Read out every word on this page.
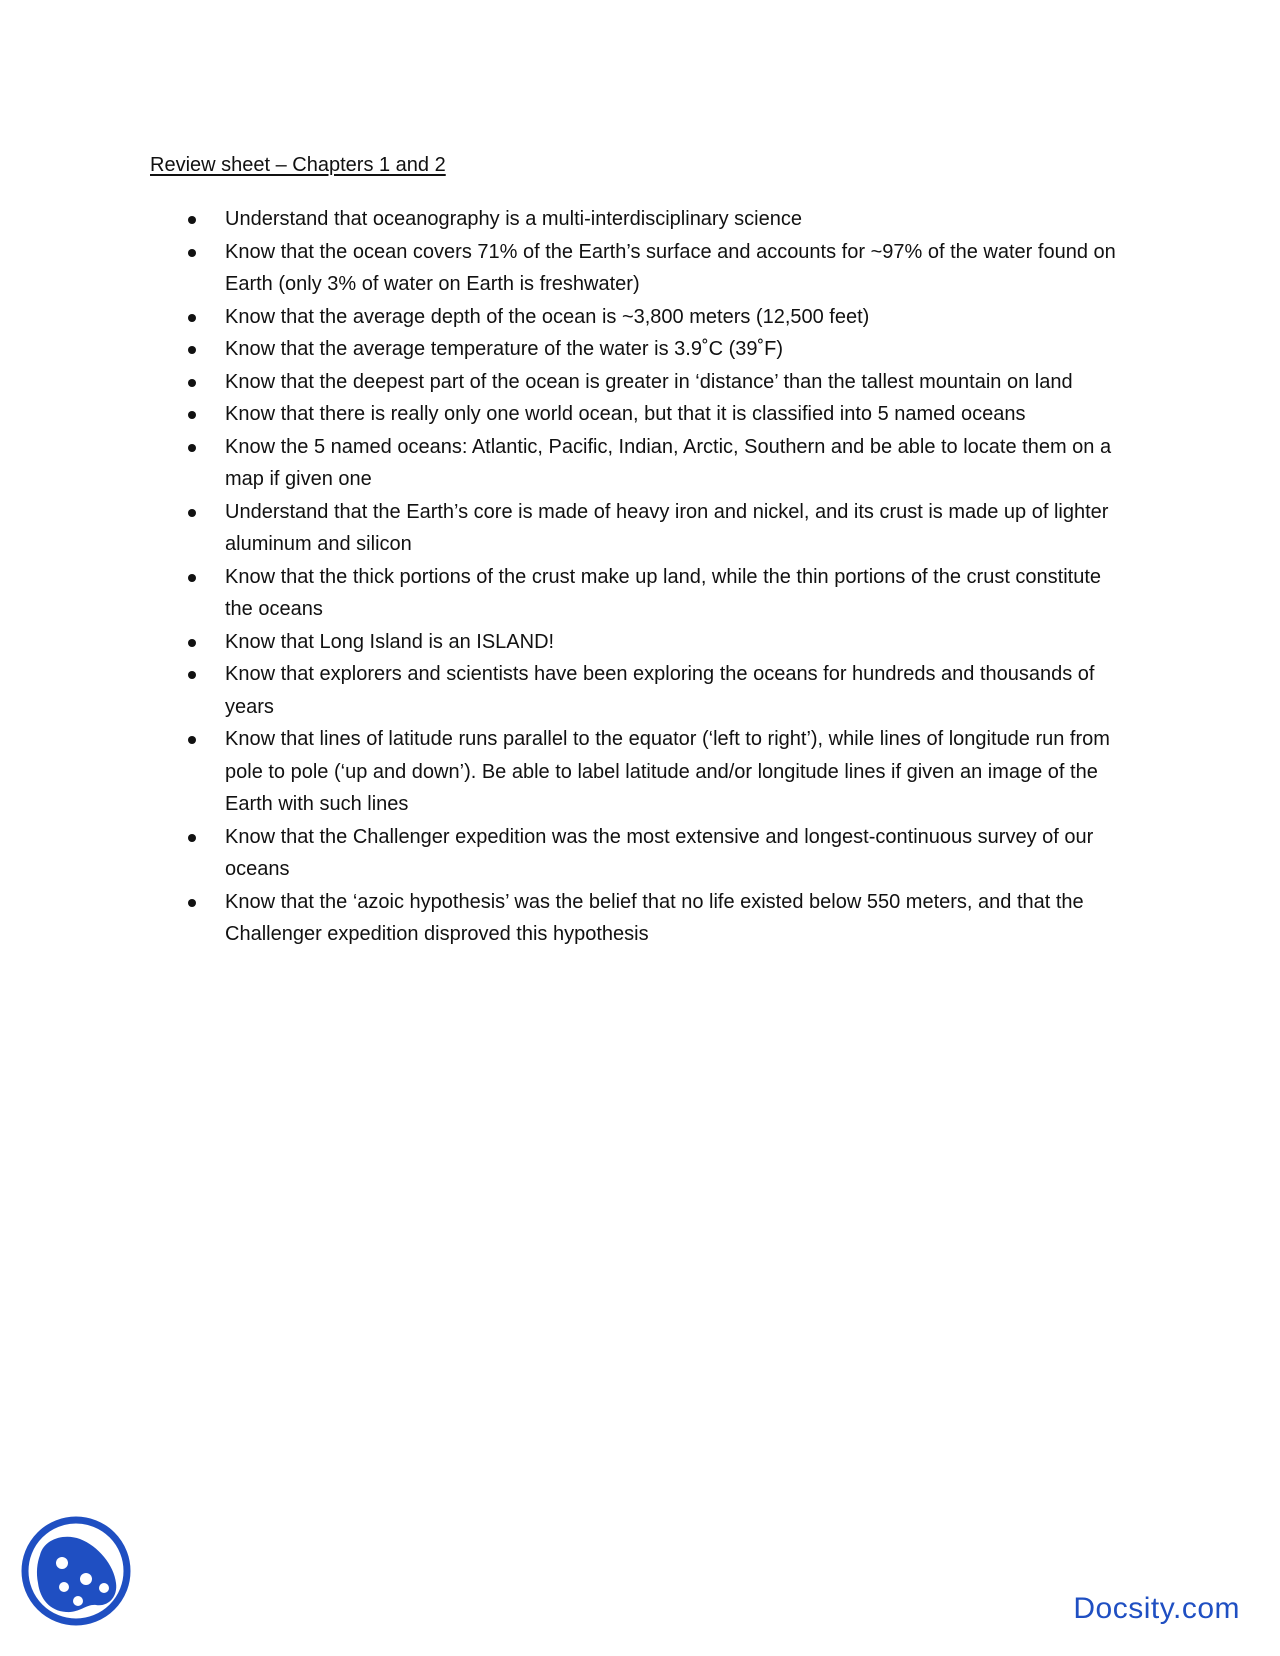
Review sheet – Chapters 1 and 2
Understand that oceanography is a multi-interdisciplinary science
Know that the ocean covers 71% of the Earth’s surface and accounts for ~97% of the water found on Earth (only 3% of water on Earth is freshwater)
Know that the average depth of the ocean is ~3,800 meters (12,500 feet)
Know that the average temperature of the water is 3.9˚C (39˚F)
Know that the deepest part of the ocean is greater in ‘distance’ than the tallest mountain on land
Know that there is really only one world ocean, but that it is classified into 5 named oceans
Know the 5 named oceans: Atlantic, Pacific, Indian, Arctic, Southern and be able to locate them on a map if given one
Understand that the Earth’s core is made of heavy iron and nickel, and its crust is made up of lighter aluminum and silicon
Know that the thick portions of the crust make up land, while the thin portions of the crust constitute the oceans
Know that Long Island is an ISLAND!
Know that explorers and scientists have been exploring the oceans for hundreds and thousands of years
Know that lines of latitude runs parallel to the equator (‘left to right’), while lines of longitude run from pole to pole (‘up and down’). Be able to label latitude and/or longitude lines if given an image of the Earth with such lines
Know that the Challenger expedition was the most extensive and longest-continuous survey of our oceans
Know that the ‘azoic hypothesis’ was the belief that no life existed below 550 meters, and that the Challenger expedition disproved this hypothesis
Docsity.com
